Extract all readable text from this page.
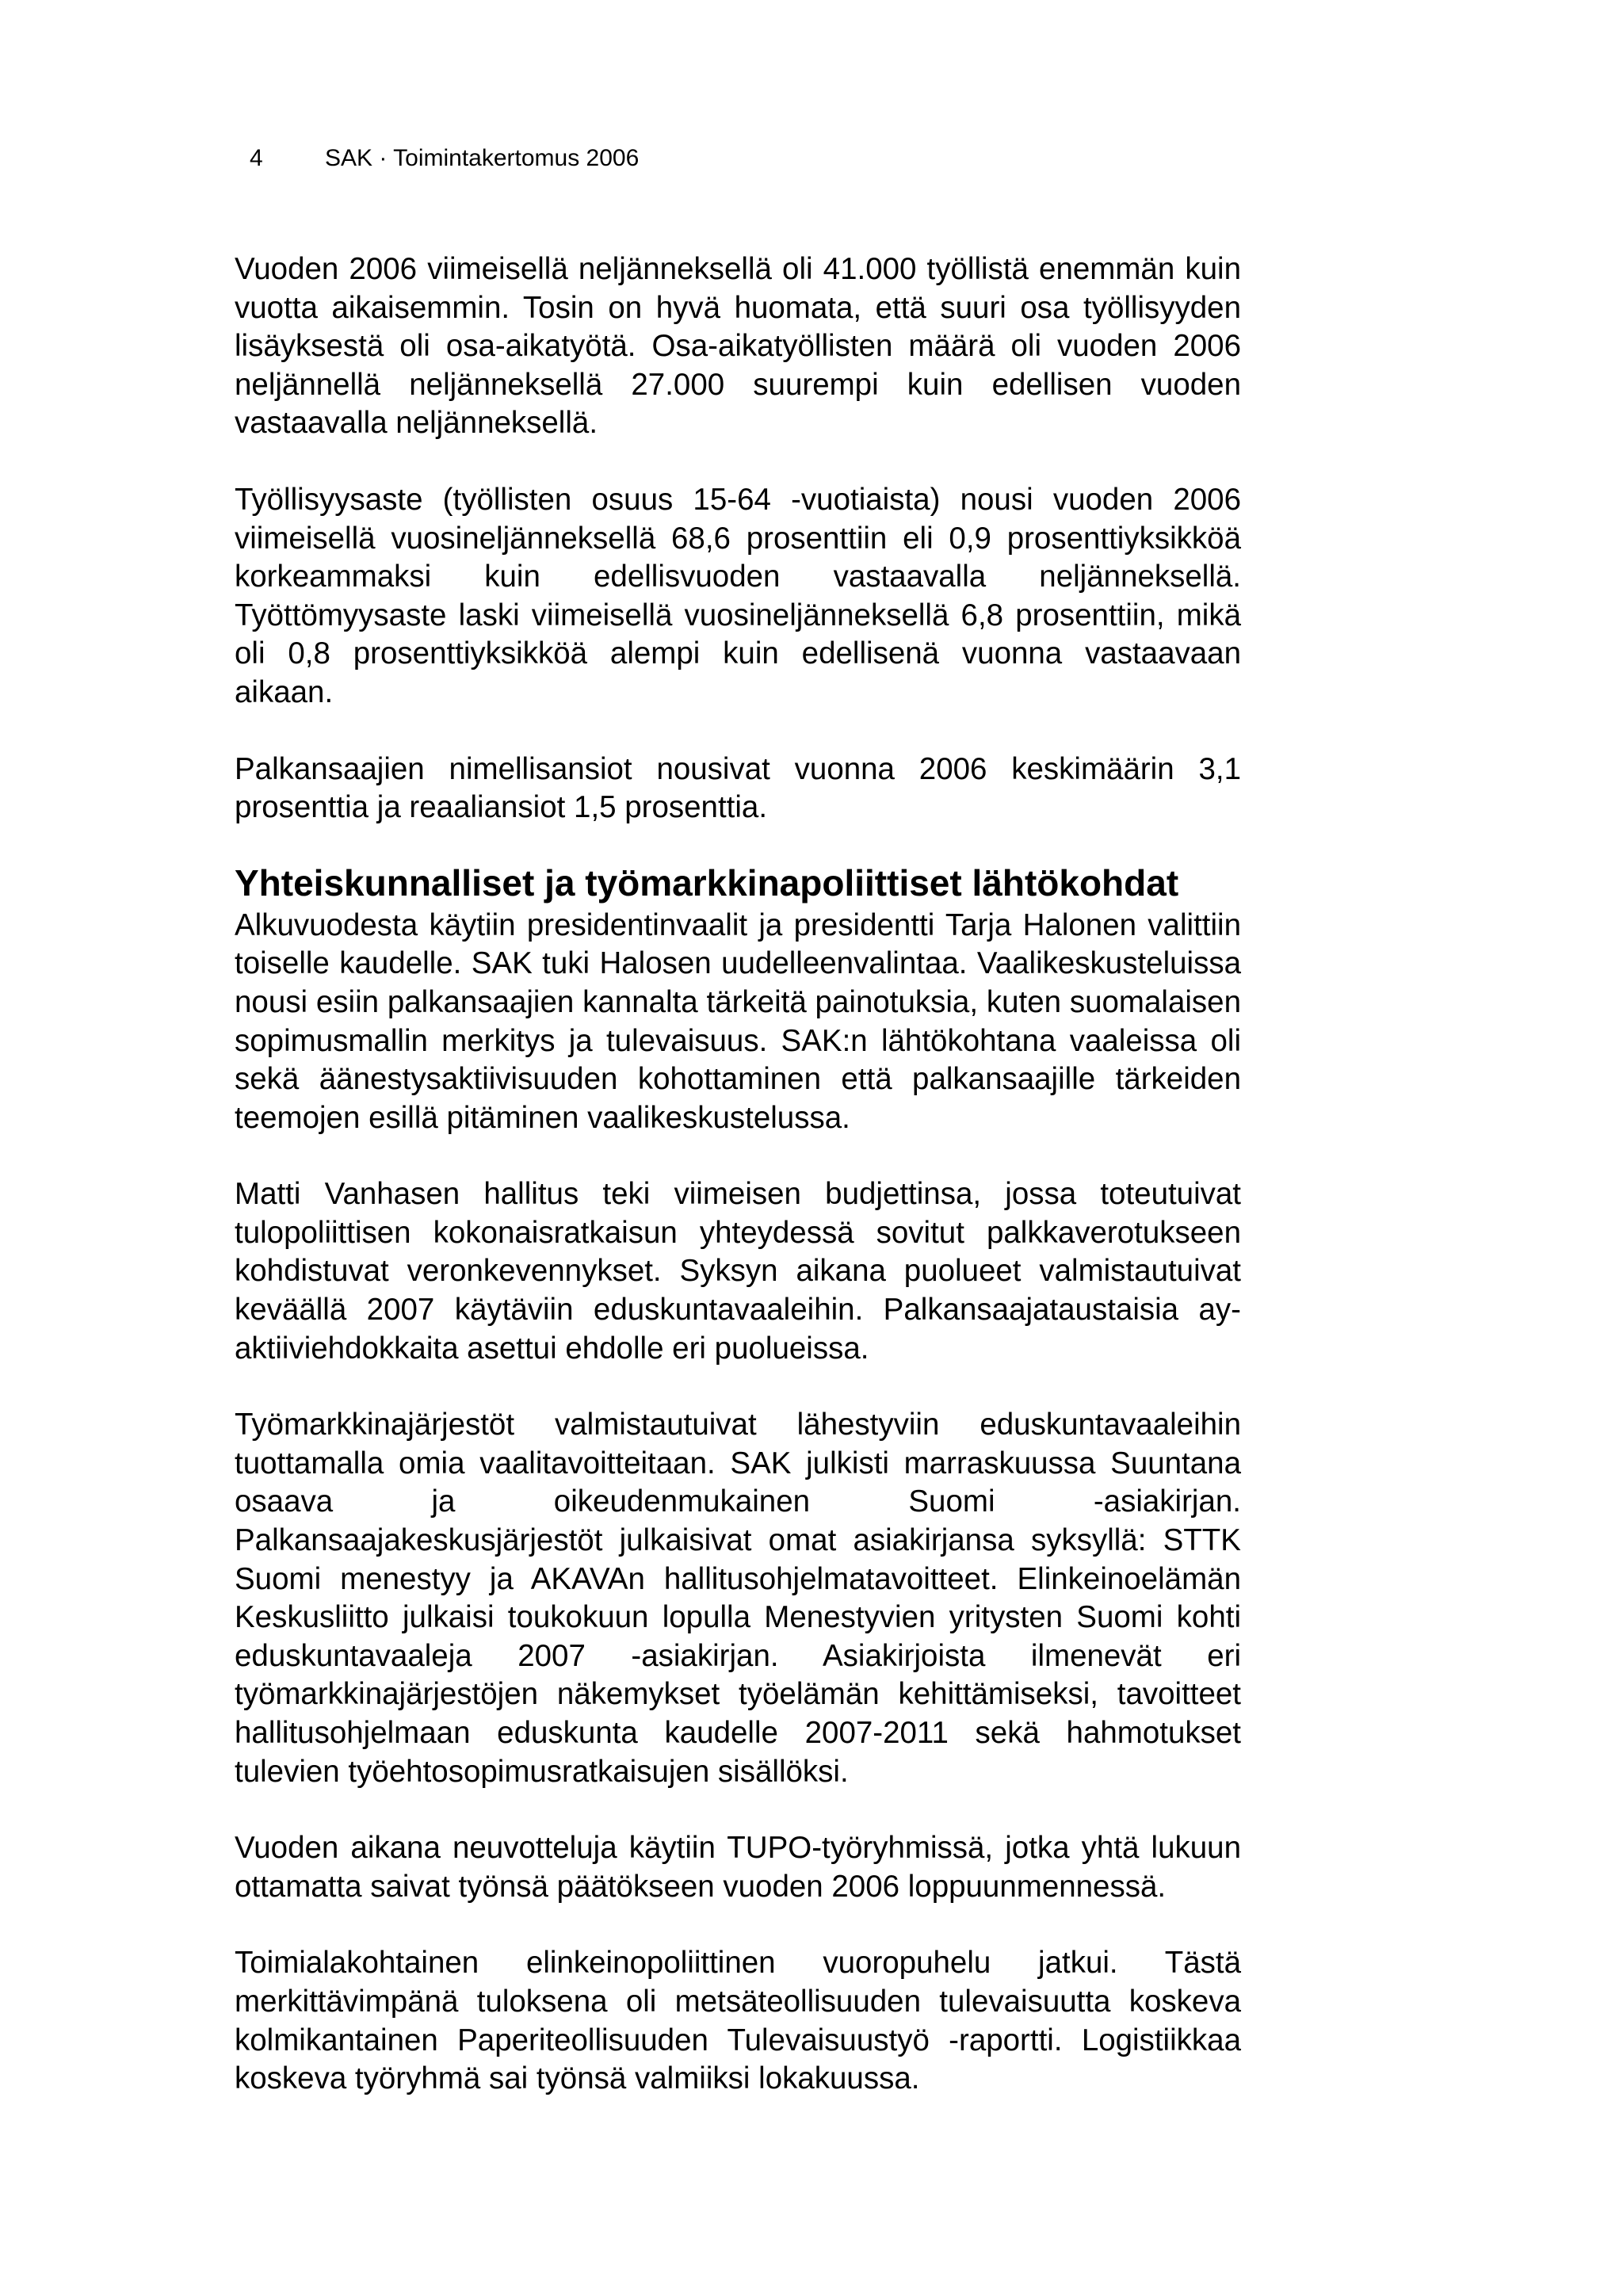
4	SAK · Toimintakertomus 2006

Vuoden 2006 viimeisellä neljänneksellä oli 41.000 työllistä enemmän kuin vuotta aikaisemmin. Tosin on hyvä huomata, että suuri osa työllisyyden lisäyksestä oli osa-aikatyötä. Osa-aikatyöllisten määrä oli vuoden 2006 neljännellä neljänneksellä 27.000 suurempi kuin edellisen vuoden vastaavalla neljänneksellä.

Työllisyysaste (työllisten osuus 15-64 -vuotiaista) nousi vuoden 2006 viimeisellä vuosineljänneksellä 68,6 prosenttiin eli 0,9 prosenttiyksikköä korkeammaksi kuin edellisvuoden vastaavalla neljänneksellä. Työttömyysaste laski viimeisellä vuosineljänneksellä 6,8 prosenttiin, mikä oli 0,8 prosenttiyksikköä alempi kuin edellisenä vuonna vastaavaan aikaan.

Palkansaajien nimellisansiot nousivat vuonna 2006 keskimäärin 3,1 prosenttia ja reaaliansiot 1,5 prosenttia.

Yhteiskunnalliset ja työmarkkinapoliittiset lähtökohdat

Alkuvuodesta käytiin presidentinvaalit ja presidentti Tarja Halonen valittiin toiselle kaudelle. SAK tuki Halosen uudelleenvalintaa. Vaalikeskusteluissa nousi esiin palkansaajien kannalta tärkeitä painotuksia, kuten suomalaisen sopimusmallin merkitys ja tulevaisuus. SAK:n lähtökohtana vaaleissa oli sekä äänestysaktiivisuuden kohottaminen että palkansaajille tärkeiden teemojen esillä pitäminen vaalikeskustelussa.

Matti Vanhasen hallitus teki viimeisen budjettinsa, jossa toteutuivat tulopoliittisen kokonaisratkaisun yhteydessä sovitut palkkaverotukseen kohdistuvat veronkevennykset. Syksyn aikana puolueet valmistautuivat keväällä 2007 käytäviin eduskuntavaaleihin. Palkansaajataustaisia ay-aktiiviehdokkaita asettui ehdolle eri puolueissa.

Työmarkkinajärjestöt valmistautuivat lähestyviin eduskuntavaaleihin tuottamalla omia vaalitavoitteitaan. SAK julkisti marraskuussa Suuntana osaava ja oikeudenmukainen Suomi -asiakirjan. Palkansaajakeskusjärjestöt julkaisivat omat asiakirjansa syksyllä: STTK Suomi menestyy ja AKAVAn hallitusohjelmatavoitteet. Elinkeinoelämän Keskusliitto julkaisi toukokuun lopulla Menestyvien yritysten Suomi kohti eduskuntavaaleja 2007 -asiakirjan. Asiakirjoista ilmenevät eri työmarkkinajärjestöjen näkemykset työelämän kehittämiseksi, tavoitteet hallitusohjelmaan eduskunta kaudelle 2007-2011 sekä hahmotukset tulevien työehtosopimusratkaisujen sisällöksi.

Vuoden aikana neuvotteluja käytiin TUPO-työryhmissä, jotka yhtä lukuun ottamatta saivat työnsä päätökseen vuoden 2006 loppuunmennessä.

Toimialakohtainen elinkeinopoliittinen vuoropuhelu jatkui. Tästä merkittävimpänä tuloksena oli metsäteollisuuden tulevaisuutta koskeva kolmikantainen Paperiteollisuuden Tulevaisuustyö -raportti. Logistiikkaa koskeva työryhmä sai työnsä valmiiksi lokakuussa.
